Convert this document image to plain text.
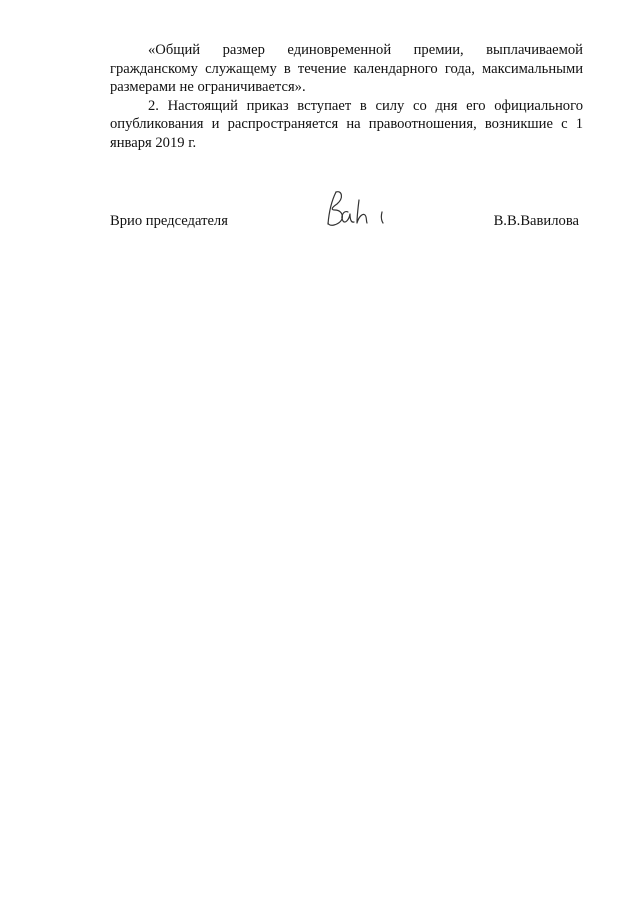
«Общий размер единовременной премии, выплачиваемой гражданскому служащему в течение календарного года, максимальными размерами не ограничивается».

2. Настоящий приказ вступает в силу со дня его официального опубликования и распространяется на правоотношения, возникшие с 1 января 2019 г.

Врио председателя	В.В.Вавилова
